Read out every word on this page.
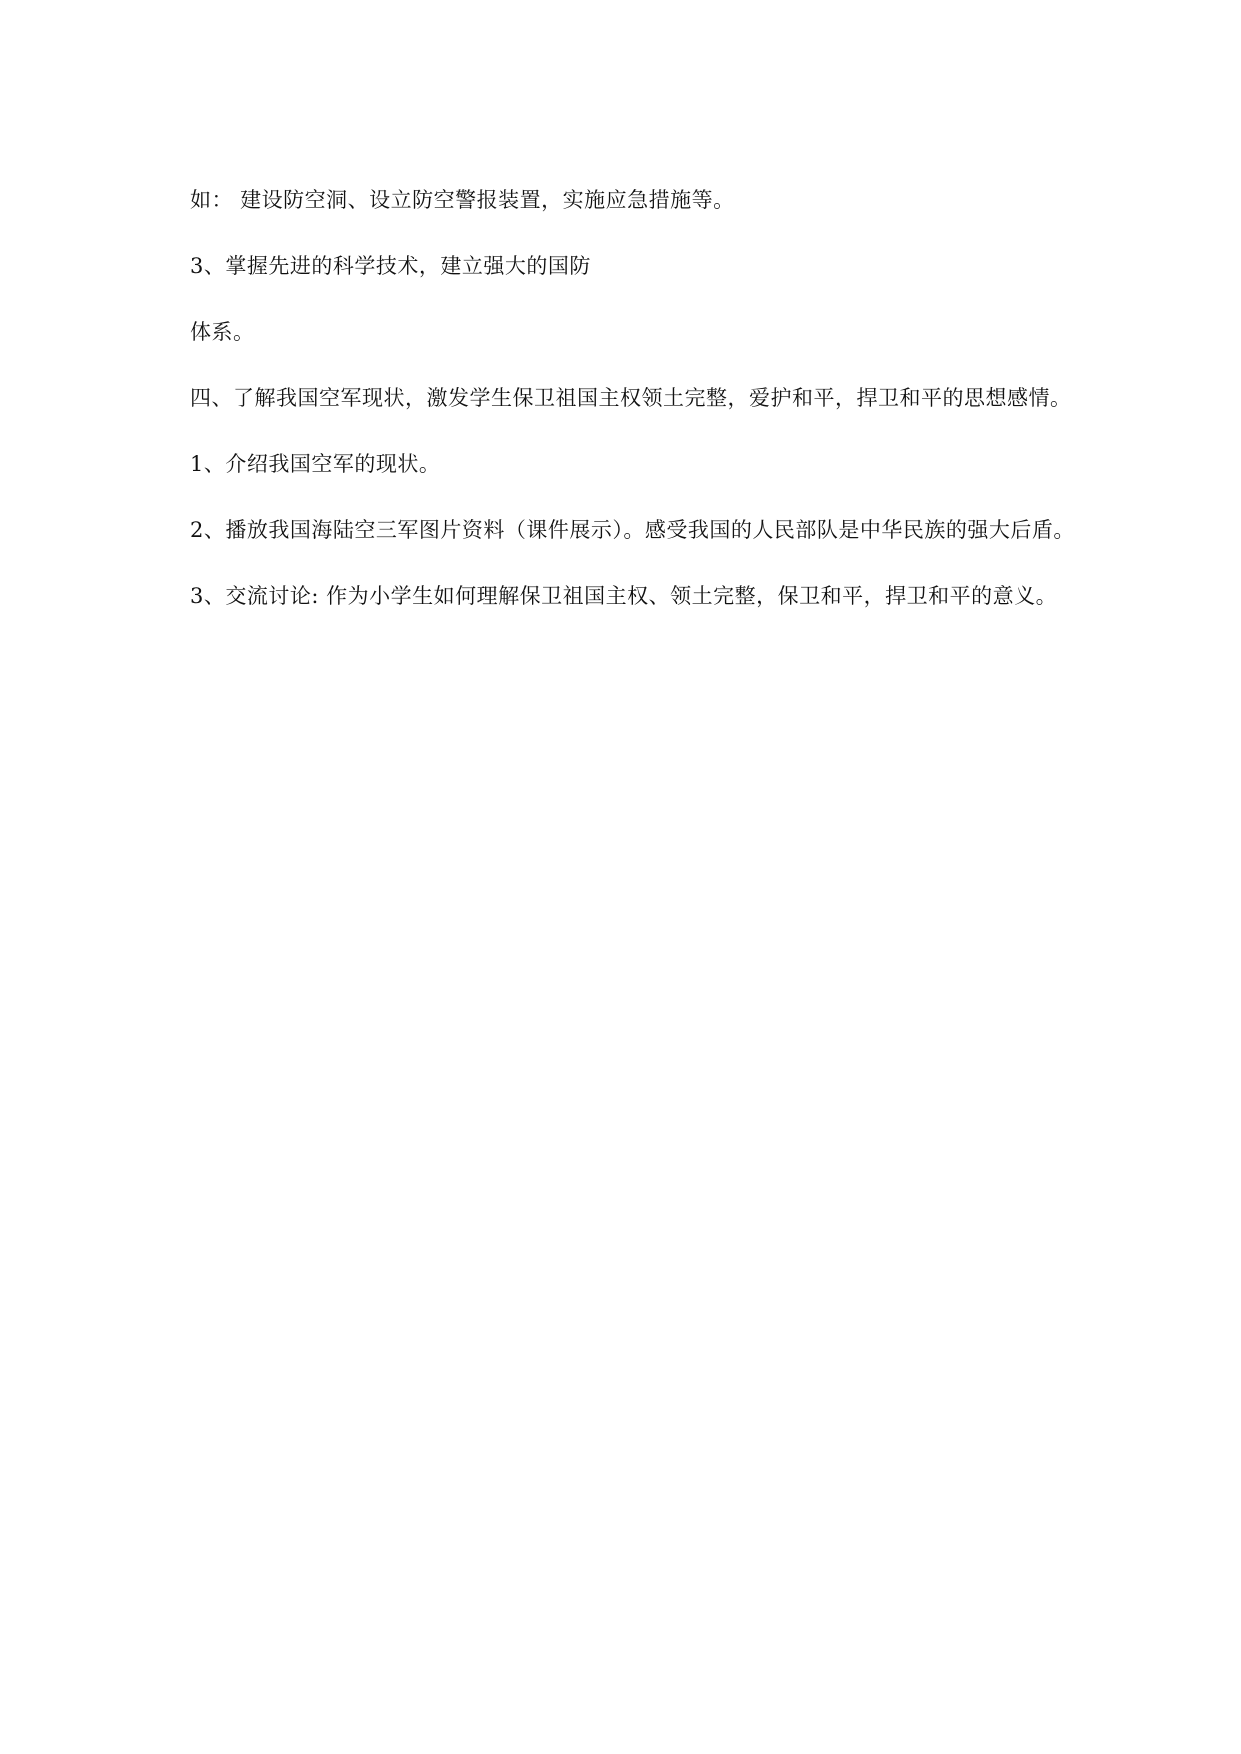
如： 建设防空洞、设立防空警报装置，实施应急措施等。
3、掌握先进的科学技术，建立强大的国防
体系。
四、了解我国空军现状，激发学生保卫祖国主权领土完整，爱护和平，捍卫和平的思想感情。
1、介绍我国空军的现状。
2、播放我国海陆空三军图片资料（课件展示）。感受我国的人民部队是中华民族的强大后盾。
3、交流讨论: 作为小学生如何理解保卫祖国主权、领土完整，保卫和平，捍卫和平的意义。
